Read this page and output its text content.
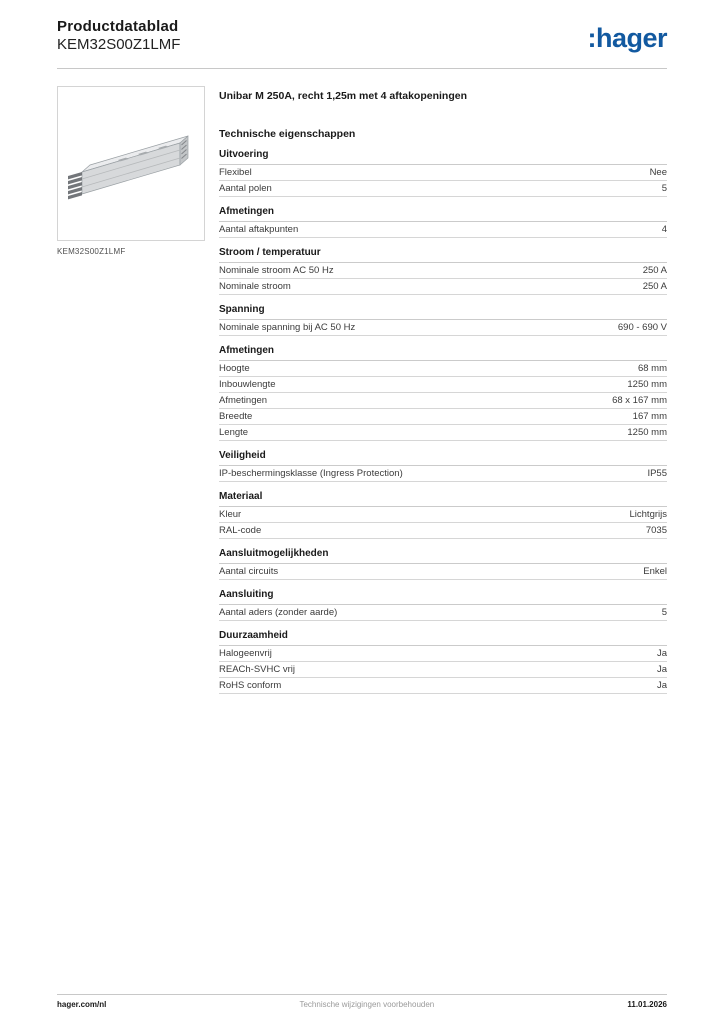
Productdatablad
KEM32S00Z1LMF	:hager
KEM32S00Z1LMF
Unibar M 250A, recht 1,25m met 4 aftakopeningen
Technische eigenschappen
Uitvoering
Flexibel	Nee
Aantal polen	5
Afmetingen
Aantal aftakpunten	4
Stroom / temperatuur
Nominale stroom AC 50 Hz	250 A
Nominale stroom	250 A
Spanning
Nominale spanning bij AC 50 Hz	690 - 690 V
Afmetingen
Hoogte	68 mm
Inbouwlengte	1250 mm
Afmetingen	68 x 167 mm
Breedte	167 mm
Lengte	1250 mm
Veiligheid
IP-beschermingsklasse (Ingress Protection)	IP55
Materiaal
Kleur	Lichtgrijs
RAL-code	7035
Aansluitmogelijkheden
Aantal circuits	Enkel
Aansluiting
Aantal aders (zonder aarde)	5
Duurzaamheid
Halogeenvrij	Ja
REACh-SVHC vrij	Ja
RoHS conform	Ja
hager.com/nl	Technische wijzigingen voorbehouden	11.01.2026
